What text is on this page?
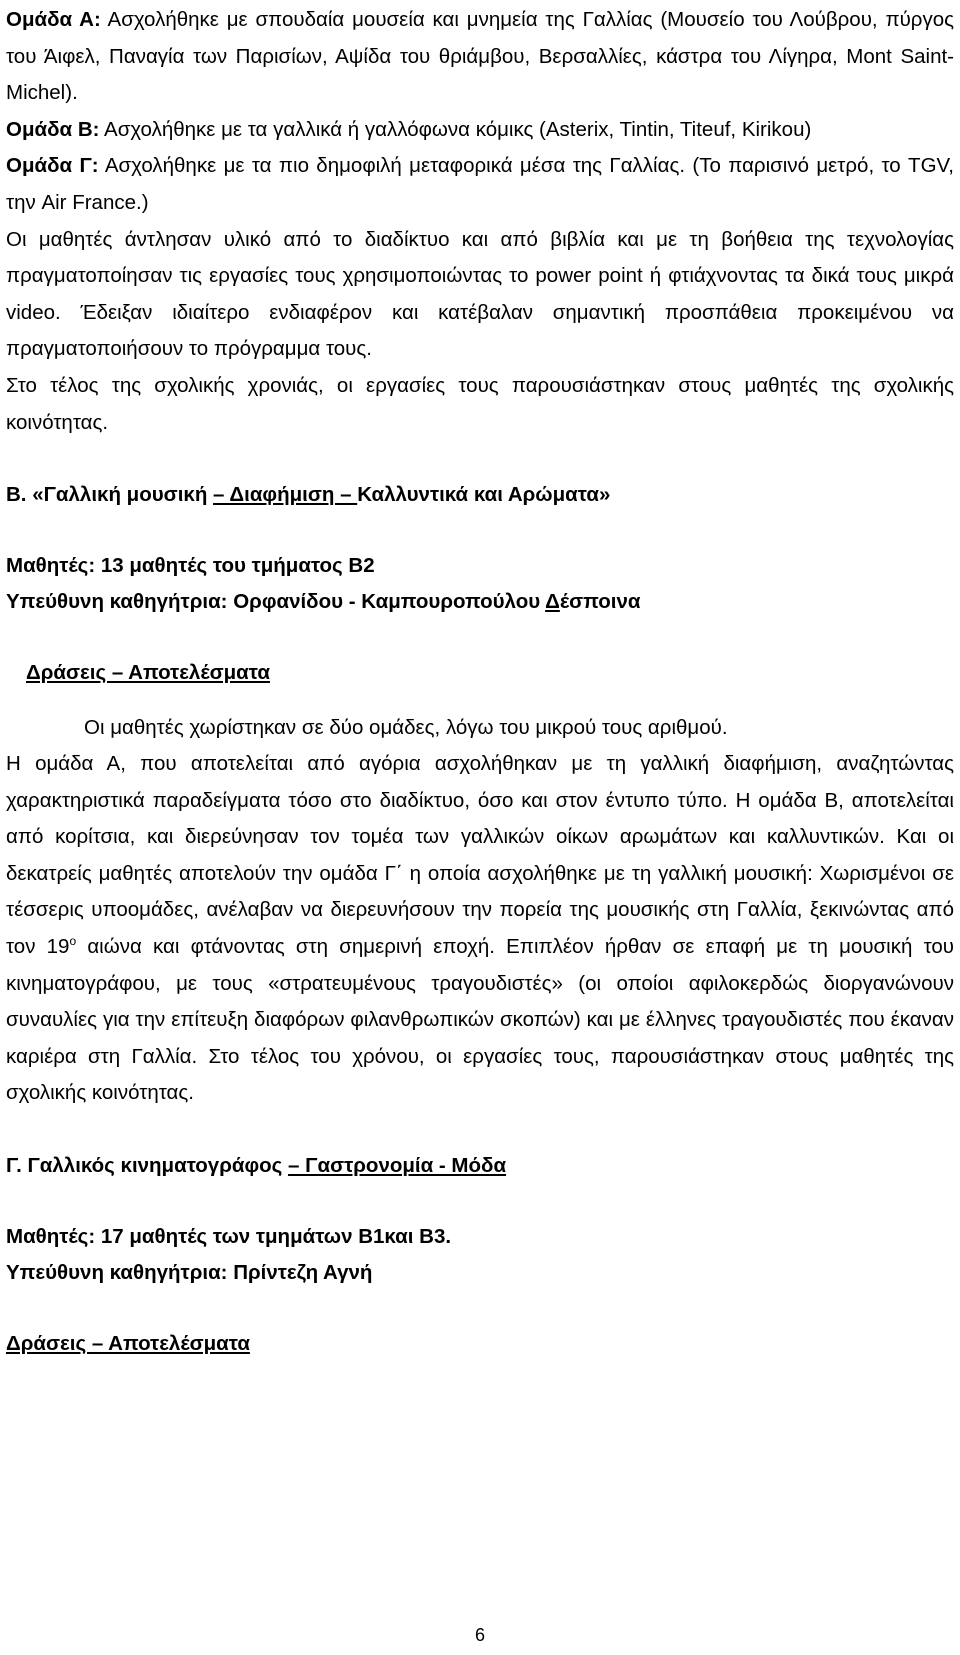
Ομάδα Α: Ασχολήθηκε με σπουδαία μουσεία και μνημεία της Γαλλίας (Μουσείο του Λούβρου, πύργος του Άιφελ, Παναγία των Παρισίων, Αψίδα του θριάμβου, Βερσαλλίες, κάστρα του Λίγηρα, Mont Saint-Michel).

Ομάδα Β: Ασχολήθηκε με τα γαλλικά ή γαλλόφωνα κόμικς (Asterix, Tintin, Titeuf, Kirikou)

Ομάδα Γ: Ασχολήθηκε με τα πιο δημοφιλή μεταφορικά μέσα της Γαλλίας. (Το παρισινό μετρό, το TGV, την Air France.)

Οι μαθητές άντλησαν υλικό από το διαδίκτυο και από βιβλία και με τη βοήθεια της τεχνολογίας πραγματοποίησαν τις εργασίες τους χρησιμοποιώντας το power point ή φτιάχνοντας τα δικά τους μικρά video. Έδειξαν ιδιαίτερο ενδιαφέρον και κατέβαλαν σημαντική προσπάθεια προκειμένου να πραγματοποιήσουν το πρόγραμμα τους.

Στο τέλος της σχολικής χρονιάς, οι εργασίες τους παρουσιάστηκαν στους μαθητές της σχολικής κοινότητας.

Β. «Γαλλική μουσική – Διαφήμιση – Καλλυντικά και Αρώματα»

Μαθητές: 13 μαθητές του τμήματος Β2

Υπεύθυνη καθηγήτρια: Ορφανίδου - Καμπουροπούλου Δέσποινα

Δράσεις – Αποτελέσματα

Οι μαθητές χωρίστηκαν σε δύο ομάδες, λόγω του μικρού τους αριθμού.

Η ομάδα Α, που αποτελείται από αγόρια ασχολήθηκαν με τη γαλλική διαφήμιση, αναζητώντας χαρακτηριστικά παραδείγματα τόσο στο διαδίκτυο, όσο και στον έντυπο τύπο. Η ομάδα Β, αποτελείται από κορίτσια, και διερεύνησαν τον τομέα των γαλλικών οίκων αρωμάτων και καλλυντικών. Και οι δεκατρείς μαθητές αποτελούν την ομάδα Γ΄ η οποία ασχολήθηκε με τη γαλλική μουσική: Χωρισμένοι σε τέσσερις υποομάδες, ανέλαβαν να διερευνήσουν την πορεία της μουσικής στη Γαλλία, ξεκινώντας από τον $19^o$ αιώνα και φτάνοντας στη σημερινή εποχή. Επιπλέον ήρθαν σε επαφή με τη μουσική του κινηματογράφου, με τους «στρατευμένους τραγουδιστές» (οι οποίοι αφιλοκερδώς διοργανώνουν συναυλίες για την επίτευξη διαφόρων φιλανθρωπικών σκοπών) και με έλληνες τραγουδιστές που έκαναν καριέρα στη Γαλλία. Στο τέλος του χρόνου, οι εργασίες τους, παρουσιάστηκαν στους μαθητές της σχολικής κοινότητας.

Γ. Γαλλικός κινηματογράφος – Γαστρονομία - Μόδα

Μαθητές: 17 μαθητές των τμημάτων Β1και Β3.

Υπεύθυνη καθηγήτρια: Πρίντεζη Αγνή

Δράσεις – Αποτελέσματα

6
